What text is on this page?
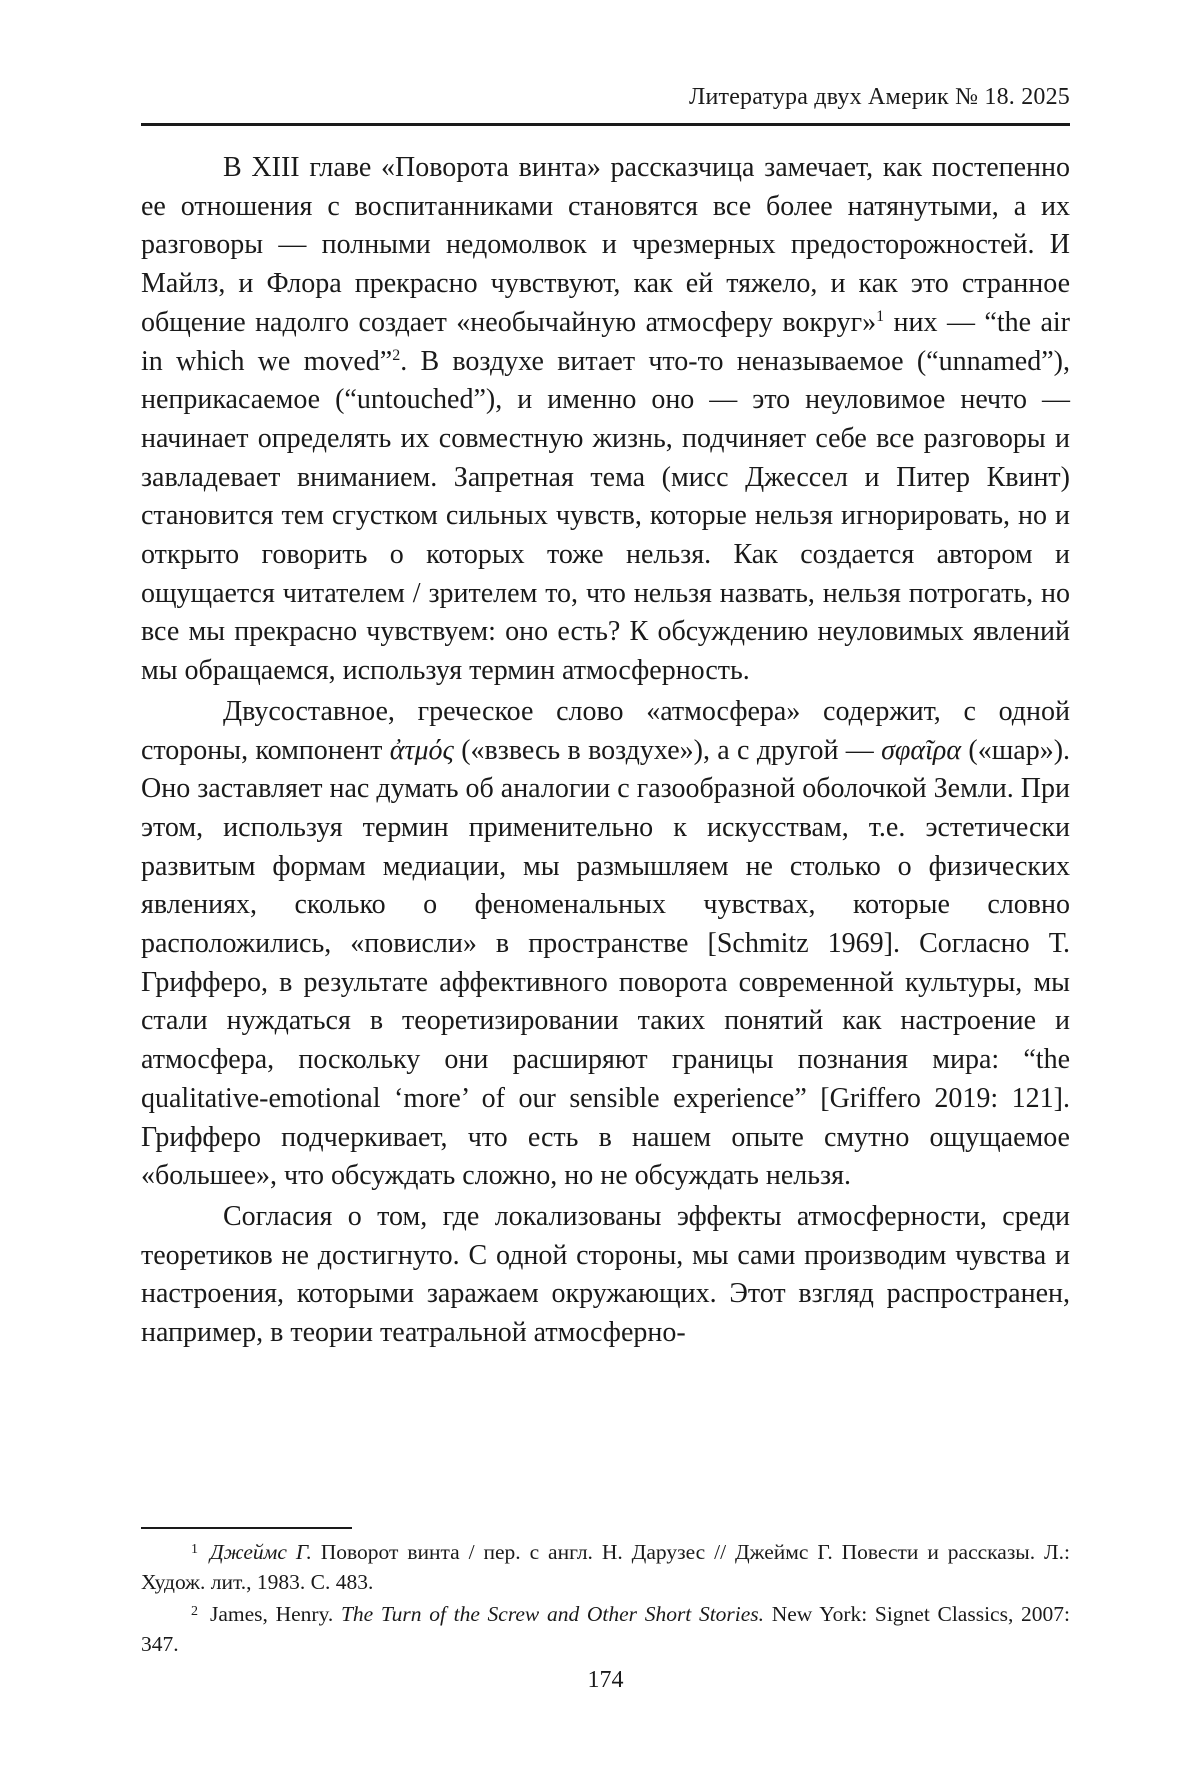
Литература двух Америк № 18. 2025

В XIII главе «Поворота винта» рассказчица замечает, как постепенно ее отношения с воспитанниками становятся все более натянутыми, а их разговоры — полными недомолвок и чрезмерных предосторожностей. И Майлз, и Флора прекрасно чувствуют, как ей тяжело, и как это странное общение надолго создает «необычайную атмосферу вокруг»$^1$ них — “the air in which we moved”$^2$. В воздухе витает что-то неназываемое (“unnamed”), неприкасаемое (“untouched”), и именно оно — это неуловимое нечто — начинает определять их совместную жизнь, подчиняет себе все разговоры и завладевает вниманием. Запретная тема (мисс Джессел и Питер Квинт) становится тем сгустком сильных чувств, которые нельзя игнорировать, но и открыто говорить о которых тоже нельзя. Как создается автором и ощущается читателем / зрителем то, что нельзя назвать, нельзя потрогать, но все мы прекрасно чувствуем: оно есть? К обсуждению неуловимых явлений мы обращаемся, используя термин атмосферность.

Двусоставное, греческое слово «атмосфера» содержит, с одной стороны, компонент ἀτμός («взвесь в воздухе»), а с другой — σφαῖρα («шар»). Оно заставляет нас думать об аналогии с газообразной оболочкой Земли. При этом, используя термин применительно к искусствам, т.е. эстетически развитым формам медиации, мы размышляем не столько о физических явлениях, сколько о феноменальных чувствах, которые словно расположились, «повисли» в пространстве [Schmitz 1969]. Согласно Т. Грифферо, в результате аффективного поворота современной культуры, мы стали нуждаться в теоретизировании таких понятий как настроение и атмосфера, поскольку они расширяют границы познания мира: “the qualitative-emotional ‘more’ of our sensible experience” [Griffero 2019: 121]. Грифферо подчеркивает, что есть в нашем опыте смутно ощущаемое «большее», что обсуждать сложно, но не обсуждать нельзя.

Согласия о том, где локализованы эффекты атмосферности, среди теоретиков не достигнуто. С одной стороны, мы сами производим чувства и настроения, которыми заражаем окружающих. Этот взгляд распространен, например, в теории театральной атмосферно-

$^1$ Джеймс Г. Поворот винта / пер. с англ. Н. Дарузес // Джеймс Г. Повести и рассказы. Л.: Худож. лит., 1983. С. 483.

$^2$ James, Henry. The Turn of the Screw and Other Short Stories. New York: Signet Classics, 2007: 347.

174
